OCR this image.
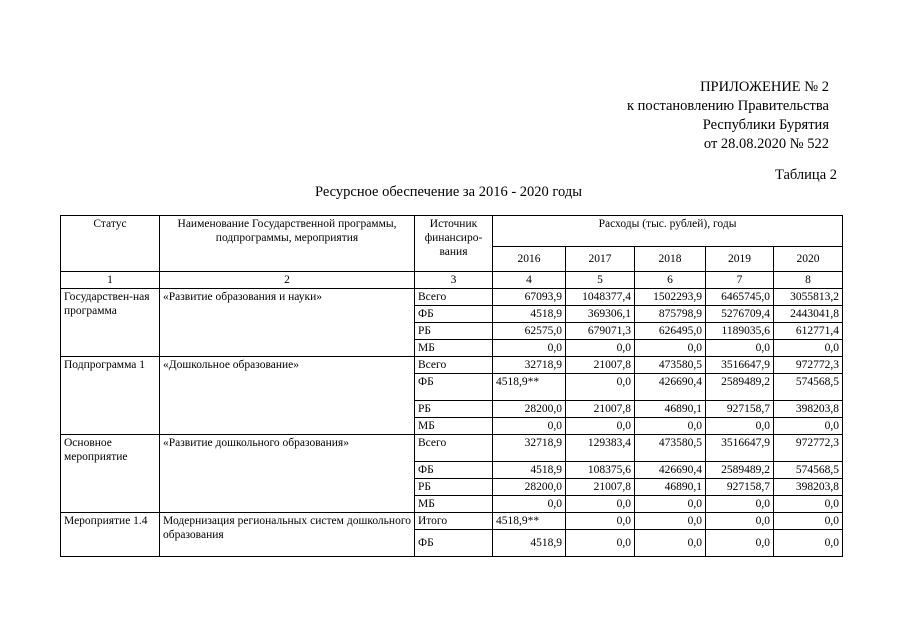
ПРИЛОЖЕНИЕ № 2
к постановлению Правительства
Республики Бурятия
от 28.08.2020 № 522
Таблица 2
Ресурсное обеспечение за 2016 - 2020 годы
Статус	Наименование Государственной программы, подпрограммы, мероприятия	Источник финансиро-вания	Расходы (тыс. рублей), годы				
			2016	2017	2018	2019	2020
1	2	3	4	5	6	7	8
Государствен-ная программа	«Развитие образования и науки»	Всего	67093,9	1048377,4	1502293,9	6465745,0	3055813,2
		ФБ	4518,9	369306,1	875798,9	5276709,4	2443041,8
		РБ	62575,0	679071,3	626495,0	1189035,6	612771,4
		МБ	0,0	0,0	0,0	0,0	0,0
Подпрограмма 1	«Дошкольное образование»	Всего	32718,9	21007,8	473580,5	3516647,9	972772,3
		ФБ	4518,9**	0,0	426690,4	2589489,2	574568,5
		РБ	28200,0	21007,8	46890,1	927158,7	398203,8
		МБ	0,0	0,0	0,0	0,0	0,0
Основное мероприятие	«Развитие дошкольного образования»	Всего	32718,9	129383,4	473580,5	3516647,9	972772,3
		ФБ	4518,9	108375,6	426690,4	2589489,2	574568,5
		РБ	28200,0	21007,8	46890,1	927158,7	398203,8
		МБ	0,0	0,0	0,0	0,0	0,0
Мероприятие 1.4	Модернизация региональных систем дошкольного образования	Итого	4518,9**	0,0	0,0	0,0	0,0
		ФБ	4518,9	0,0	0,0	0,0	0,0
